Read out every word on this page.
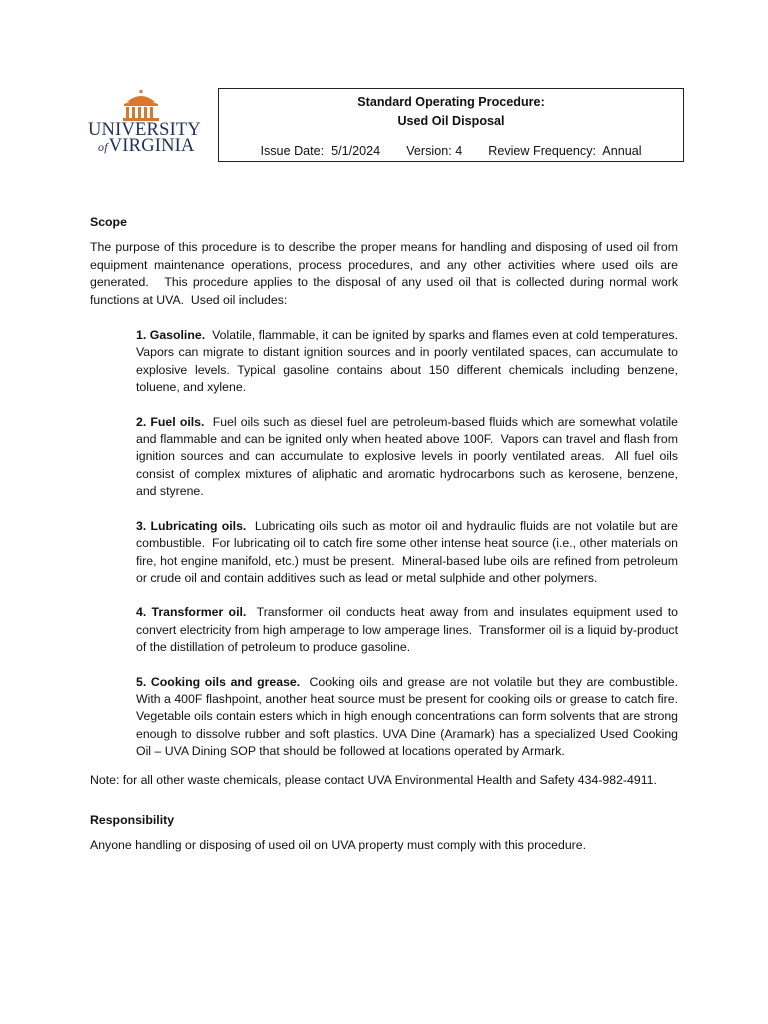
UNIVERSITY
ofVIRGINIA
Standard Operating Procedure:
Used Oil Disposal
Issue Date:  5/1/2024 Version: 4 Review Frequency:  Annual

Scope

The purpose of this procedure is to describe the proper means for handling and disposing of used oil from equipment maintenance operations, process procedures, and any other activities where used oils are generated.   This procedure applies to the disposal of any used oil that is collected during normal work functions at UVA.  Used oil includes:

1. Gasoline.  Volatile, flammable, it can be ignited by sparks and flames even at cold temperatures. Vapors can migrate to distant ignition sources and in poorly ventilated spaces, can accumulate to explosive levels. Typical gasoline contains about 150 different chemicals including benzene, toluene, and xylene.

2. Fuel oils.  Fuel oils such as diesel fuel are petroleum-based fluids which are somewhat volatile and flammable and can be ignited only when heated above 100F.  Vapors can travel and flash from ignition sources and can accumulate to explosive levels in poorly ventilated areas.  All fuel oils consist of complex mixtures of aliphatic and aromatic hydrocarbons such as kerosene, benzene, and styrene.

3. Lubricating oils.  Lubricating oils such as motor oil and hydraulic fluids are not volatile but are combustible.  For lubricating oil to catch fire some other intense heat source (i.e., other materials on fire, hot engine manifold, etc.) must be present.  Mineral-based lube oils are refined from petroleum or crude oil and contain additives such as lead or metal sulphide and other polymers.

4. Transformer oil.  Transformer oil conducts heat away from and insulates equipment used to convert electricity from high amperage to low amperage lines.  Transformer oil is a liquid by-product of the distillation of petroleum to produce gasoline.

5. Cooking oils and grease.  Cooking oils and grease are not volatile but they are combustible. With a 400F flashpoint, another heat source must be present for cooking oils or grease to catch fire.  Vegetable oils contain esters which in high enough concentrations can form solvents that are strong enough to dissolve rubber and soft plastics. UVA Dine (Aramark) has a specialized Used Cooking Oil – UVA Dining SOP that should be followed at locations operated by Armark.

Note: for all other waste chemicals, please contact UVA Environmental Health and Safety 434-982-4911.

Responsibility

Anyone handling or disposing of used oil on UVA property must comply with this procedure.
